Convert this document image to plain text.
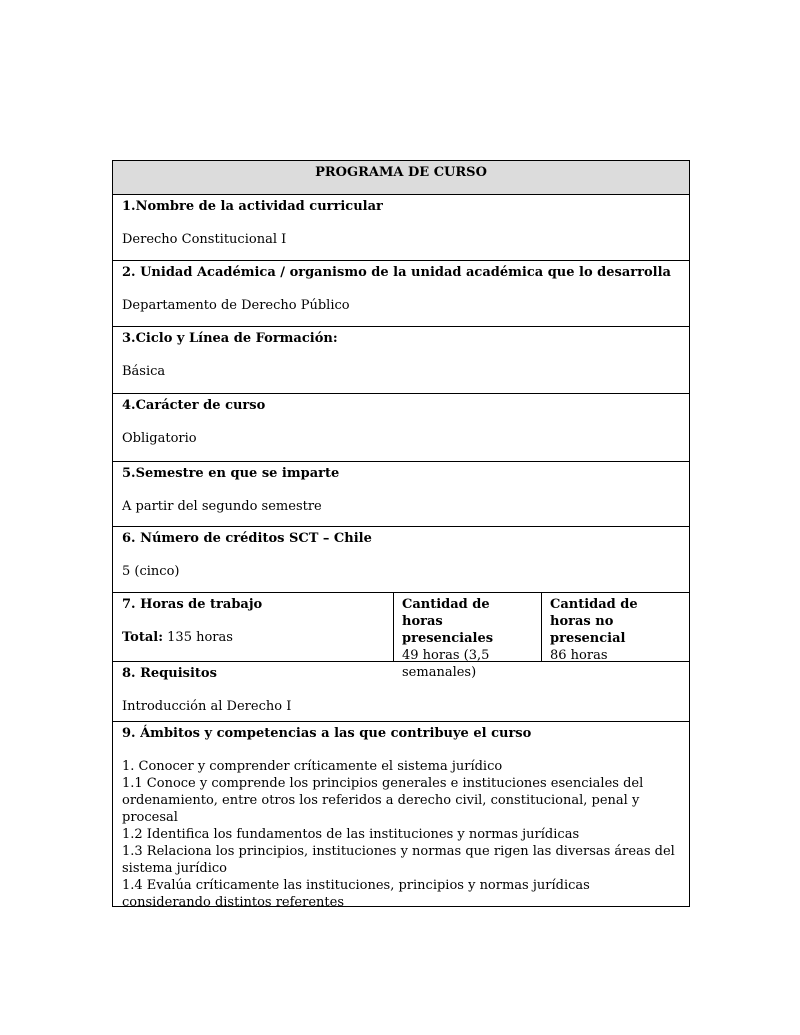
PROGRAMA DE CURSO
1.Nombre de la actividad curricular
Derecho Constitucional I
2. Unidad Académica / organismo de la unidad académica que lo desarrolla
Departamento de Derecho Público
3.Ciclo y Línea de Formación:
Básica
4.Carácter de curso
Obligatorio
5.Semestre en que se imparte
A partir del segundo semestre
6. Número de créditos SCT – Chile
5 (cinco)
7. Horas de trabajo
Total: 135 horas
Cantidad de horas presenciales
49 horas (3,5 semanales)
Cantidad de horas no presencial
86 horas
8. Requisitos
Introducción al Derecho I
9. Ámbitos y competencias a las que contribuye el curso
1. Conocer y comprender críticamente el sistema jurídico
1.1 Conoce y comprende los principios generales e instituciones esenciales del ordenamiento, entre otros los referidos a derecho civil, constitucional, penal y procesal
1.2 Identifica los fundamentos de las instituciones y normas jurídicas
1.3 Relaciona los principios, instituciones y normas que rigen las diversas áreas del sistema jurídico
1.4 Evalúa críticamente las instituciones, principios y normas jurídicas considerando distintos referentes
